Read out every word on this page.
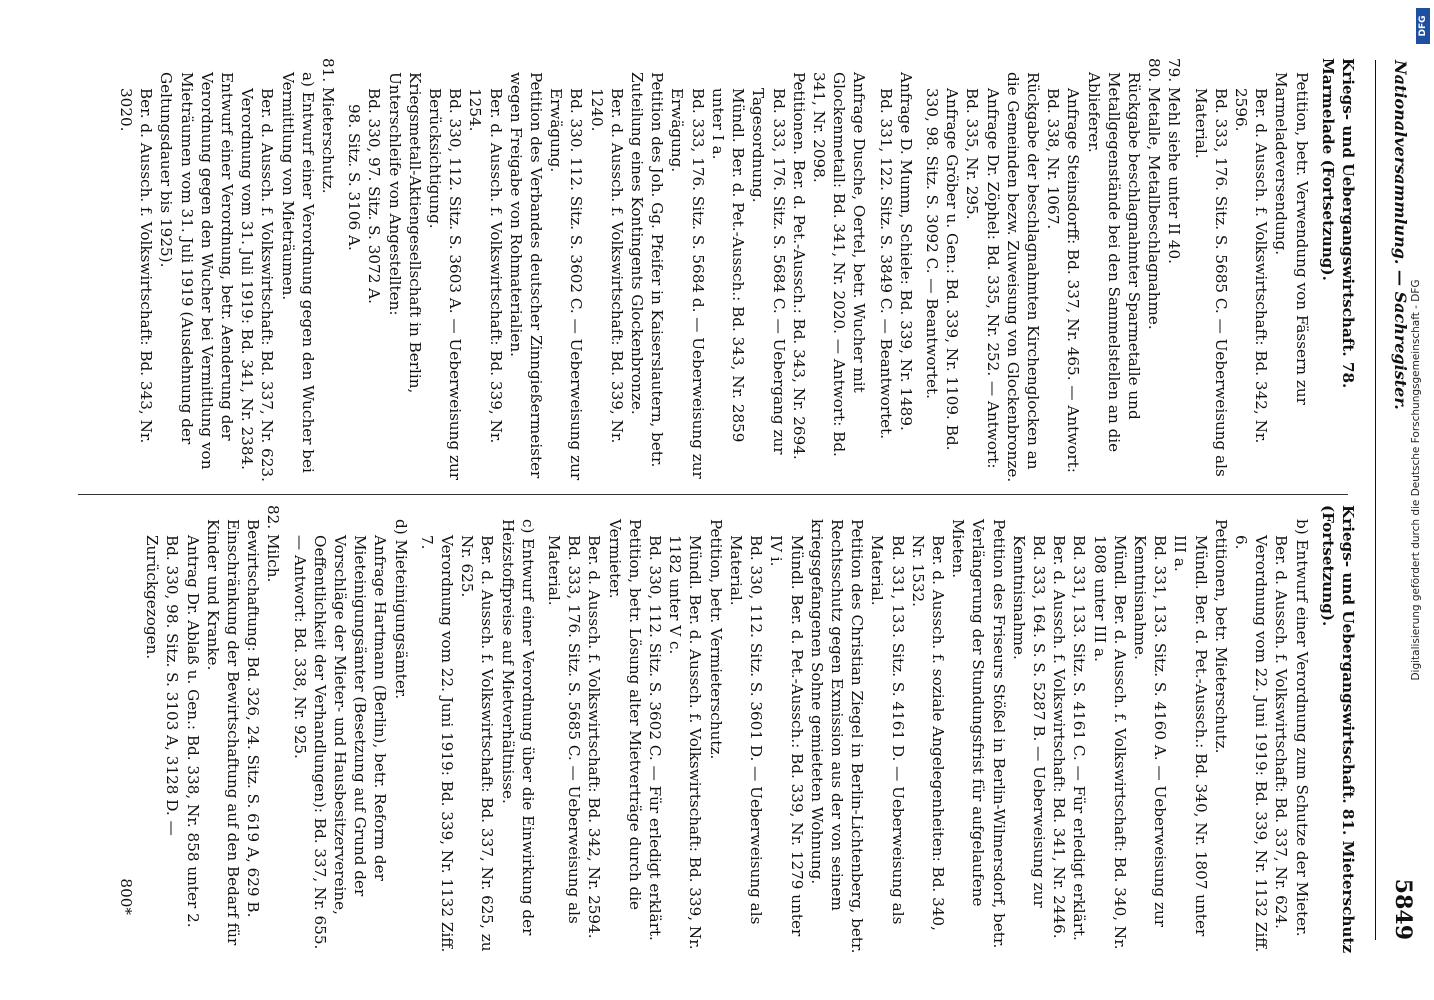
Nationalversammlung. — Sachregister.
5849
Kriegs- und Uebergangswirtschaft. 78. Marmelade (Fortsetzung).
Petition, betr. Verwendung von Fässern zur Marmeladeversendung.
Ber. d. Aussch. f. Volkswirtschaft: Bd. 342, Nr. 2596.
Bd. 333, 176. Sitz. S. 5685 C. — Ueberweisung als Material.
79. Mehl siehe unter II 40.
80. Metalle, Metallbeschlagnahme.
Rückgabe beschlagnahmter Sparmetalle und Metallgegenstände bei den Sammelstellen an die Ablieferer.
Anfrage Steinsdorff: Bd. 337, Nr. 465. — Antwort: Bd. 338, Nr. 1067.
Rückgabe der beschlagnahmten Kirchenglocken an die Gemeinden bezw. Zuweisung von Glockenbronze.
Anfrage Dr. Zöphel: Bd. 335, Nr. 252. — Antwort: Bd. 335, Nr. 295.
Anfrage Gröber u. Gen.: Bd. 339, Nr. 1109. Bd. 330, 98. Sitz. S. 3092 C. — Beantwortet.
Anfrage D. Mumm, Schiele: Bd. 339, Nr. 1489.
Bd. 331, 122. Sitz. S. 3849 C. — Beantwortet.
Anfrage Dusche, Oertel, betr. Wucher mit Glockenmetall: Bd. 341, Nr. 2020. — Antwort: Bd. 341, Nr. 2098.
Petitionen. Ber. d. Pet.-Aussch.: Bd. 343, Nr. 2694.
Bd. 333, 176. Sitz. S. 5684 C. — Uebergang zur Tagesordnung.
Mündl. Ber. d. Pet.-Aussch.: Bd. 343, Nr. 2859 unter I a.
Bd. 333, 176. Sitz. S. 5684 d. — Ueberweisung zur Erwägung.
Petition des Joh. Gg. Pfeifer in Kaiserslautern, betr. Zuteilung eines Kontingents Glockenbronze.
Ber. d. Aussch. f. Volkswirtschaft: Bd. 339, Nr. 1240.
Bd. 330. 112. Sitz. S. 3602 C. — Ueberweisung zur Erwägung.
Petition des Verbandes deutscher Zinngießermeister wegen Freigabe von Rohmaterialien.
Ber. d. Aussch. f. Volkswirtschaft: Bd. 339, Nr. 1254.
Bd. 330, 112. Sitz. S. 3603 A. — Ueberweisung zur Berücksichtigung.
Kriegsmetall-Aktiengesellschaft in Berlin, Unterschleife von Angestellten:
Bd. 330, 97. Sitz. S. 3072 A.
98. Sitz. S. 3106 A.
81. Mieterschutz.
a) Entwurf einer Verordnung gegen den Wucher bei Vermittlung von Mieträumen.
Ber. d. Aussch. f. Volkswirtschaft: Bd. 337, Nr. 623.
Verordnung vom 31. Juli 1919: Bd. 341, Nr. 2384.
Entwurf einer Verordnung, betr. Aenderung der Verordnung gegen den Wucher bei Vermittlung von Mieträumen vom 31. Juli 1919 (Ausdehnung der Geltungsdauer bis 1925).
Ber. d. Aussch. f. Volkswirtschaft: Bd. 343, Nr. 3020.
Kriegs- und Uebergangswirtschaft. 81. Mieterschutz (Fortsetzung).
b) Entwurf einer Verordnung zum Schutze der Mieter.
Ber. d. Aussch. f. Volkswirtschaft: Bd. 337, Nr. 624.
Verordnung vom 22. Juni 1919: Bd. 339, Nr. 1132 Ziff. 6.
Petitionen, betr. Mieterschutz.
Mündl. Ber. d. Pet.-Aussch.: Bd. 340, Nr. 1807 unter III a.
Bd. 331, 133. Sitz. S. 4160 A. — Ueberweisung zur Kenntnisnahme.
Mündl. Ber. d. Aussch. f. Volkswirtschaft: Bd. 340, Nr. 1808 unter III a.
Bd. 331, 133. Sitz. S. 4161 C. — Für erledigt erklärt.
Ber. d. Aussch. f. Volkswirtschaft: Bd. 341, Nr. 2446.
Bd. 333, 164. S. S. 5287 B. — Ueberweisung zur Kenntnisnahme.
Petition des Friseurs Stößel in Berlin-Wilmersdorf, betr. Verlängerung der Stundungsfrist für aufgelaufene Mieten.
Ber. d. Aussch. f. soziale Angelegenheiten: Bd. 340, Nr. 1532.
Bd. 331, 133. Sitz. S. 4161 D. — Ueberweisung als Material.
Petition des Christian Ziegel in Berlin-Lichtenberg, betr. Rechtsschutz gegen Exmission aus der von seinem kriegsgefangenen Sohne gemieteten Wohnung.
Mündl. Ber. d. Pet.-Aussch.: Bd. 339, Nr. 1279 unter IV i.
Bd. 330, 112. Sitz. S. 3601 D. — Ueberweisung als Material.
Petition, betr. Vermieterschutz.
Mündl. Ber. d. Aussch. f. Volkswirtschaft: Bd. 339, Nr. 1182 unter V c.
Bd. 330, 112. Sitz. S. 3602 C. — Für erledigt erklärt.
Petition, betr. Lösung alter Mietverträge durch die Vermieter.
Ber. d. Aussch. f. Volkswirtschaft: Bd. 342, Nr. 2594.
Bd. 333, 176. Sitz. S. 5685 C. — Ueberweisung als Material.
c) Entwurf einer Verordnung über die Einwirkung der Heizstoffpreise auf Mietverhältnisse.
Ber. d. Aussch. f. Volkswirtschaft: Bd. 337, Nr. 625, zu Nr. 625.
Verordnung vom 22. Juni 1919: Bd. 339, Nr. 1132 Ziff. 7.
d) Mieteinigungsämter.
Anfrage Hartmann (Berlin), betr. Reform der Mieteinigungsämter (Besetzung auf Grund der Vorschläge der Mieter- und Hausbesitzervereine, Oeffentlichkeit der Verhandlungen): Bd. 337, Nr. 655. — Antwort: Bd. 338, Nr. 925.
82. Milch.
Bewirtschaftung: Bd. 326, 24. Sitz. S. 619 A, 629 B. Einschränkung der Bewirtschaftung auf den Bedarf für Kinder und Kranke.
Antrag Dr. Ablaß u. Gen.: Bd. 338, Nr. 858 unter 2.
Bd. 330, 98. Sitz. S. 3103 A, 3128 D. — Zurückgezogen.
800*
Digitalisierung gefördert durch die Deutsche Forschungsgemeinschaft - DFG
DFG
